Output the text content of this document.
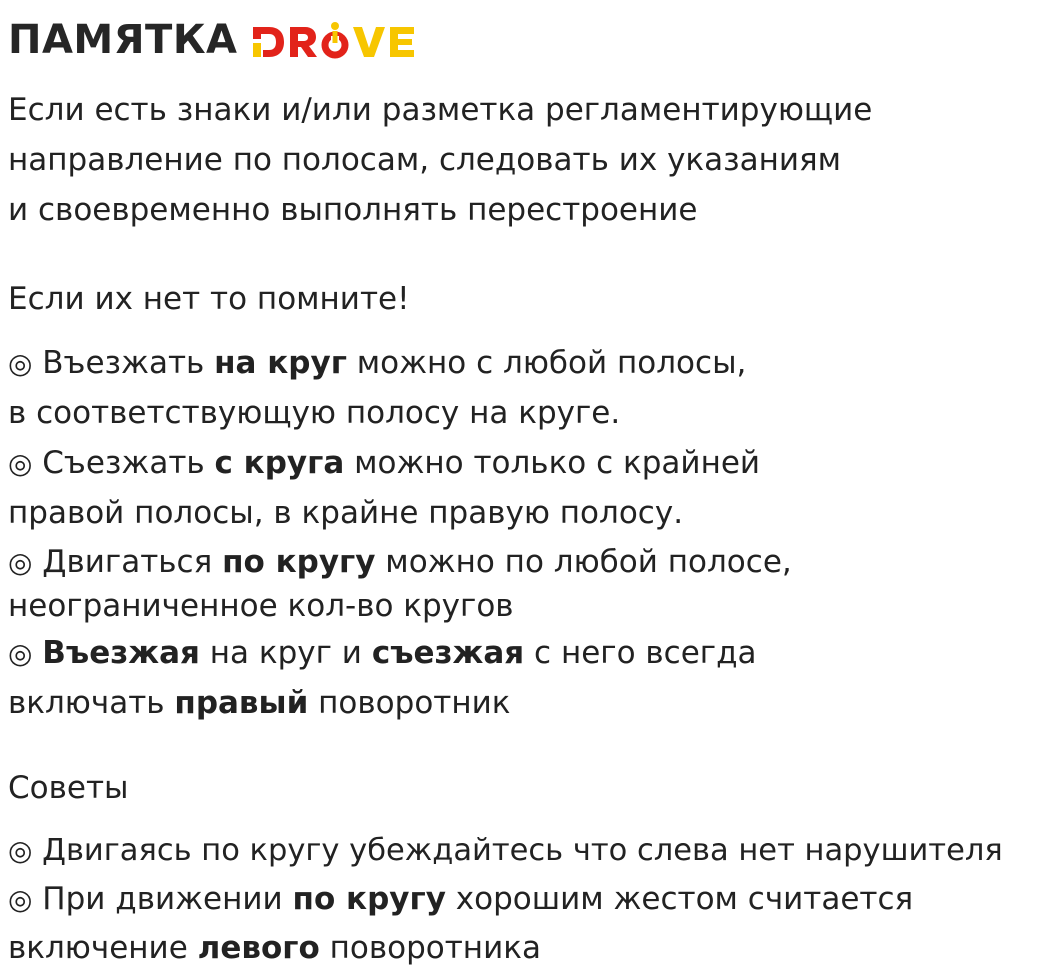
ПАМЯТКА
Если есть знаки и/или разметка регламентирующие
направление по полосам, следовать их указаниям
и своевременно выполнять перестроение
Если их нет то помните!
◎ Въезжать на круг можно с любой полосы,
в соответствующую полосу на круге.
◎ Съезжать с круга можно только с крайней
правой полосы, в крайне правую полосу.
◎ Двигаться по кругу можно по любой полосе,
неограниченное кол-во кругов
◎ Въезжая на круг и съезжая с него всегда
включать правый поворотник
Советы
◎ Двигаясь по кругу убеждайтесь что слева нет нарушителя
◎ При движении по кругу хорошим жестом считается
включение левого поворотника
